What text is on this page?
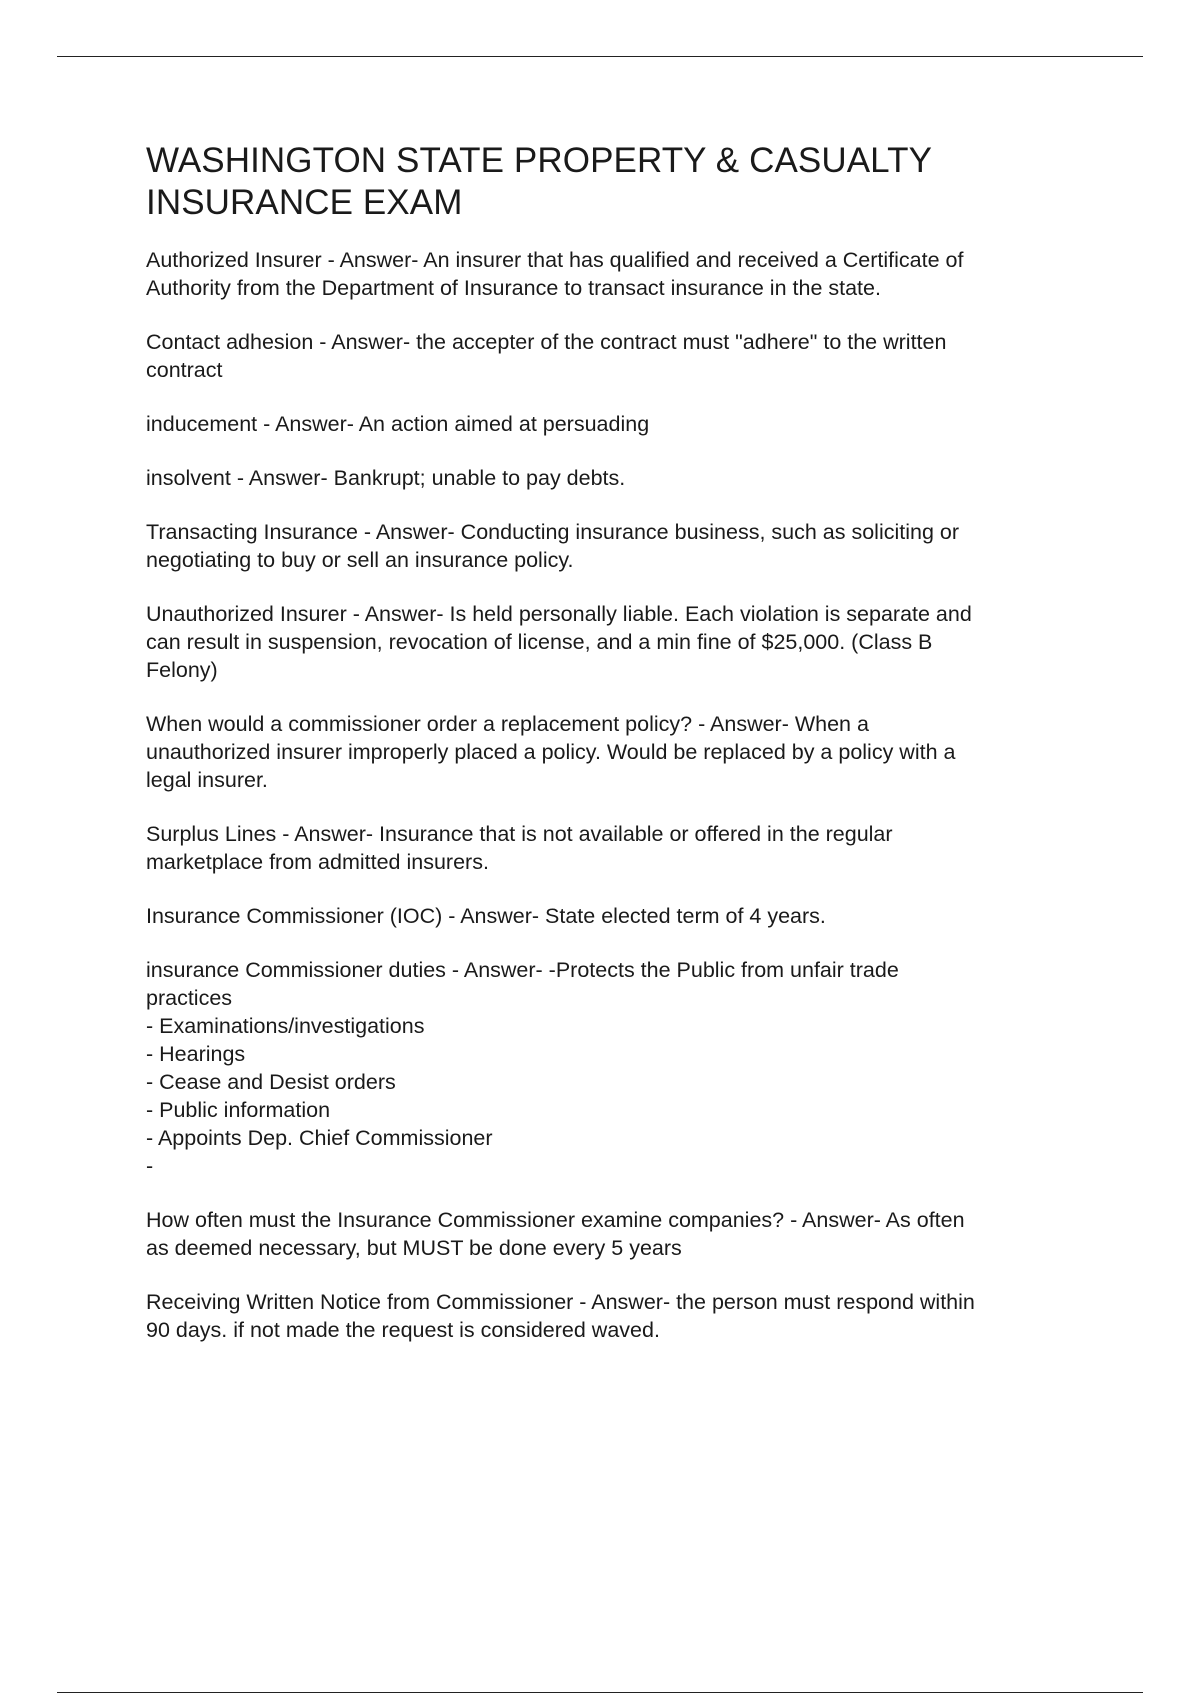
WASHINGTON STATE PROPERTY & CASUALTY
INSURANCE EXAM

Authorized Insurer - Answer- An insurer that has qualified and received a Certificate of
Authority from the Department of Insurance to transact insurance in the state.

Contact adhesion - Answer- the accepter of the contract must "adhere" to the written
contract

inducement - Answer- An action aimed at persuading

insolvent - Answer- Bankrupt; unable to pay debts.

Transacting Insurance - Answer- Conducting insurance business, such as soliciting or
negotiating to buy or sell an insurance policy.

Unauthorized Insurer - Answer- Is held personally liable. Each violation is separate and
can result in suspension, revocation of license, and a min fine of $25,000. (Class B
Felony)

When would a commissioner order a replacement policy? - Answer- When a
unauthorized insurer improperly placed a policy. Would be replaced by a policy with a
legal insurer.

Surplus Lines - Answer- Insurance that is not available or offered in the regular
marketplace from admitted insurers.

Insurance Commissioner (IOC) - Answer- State elected term of 4 years.

insurance Commissioner duties - Answer- -Protects the Public from unfair trade
practices
- Examinations/investigations
- Hearings
- Cease and Desist orders
- Public information
- Appoints Dep. Chief Commissioner
-

How often must the Insurance Commissioner examine companies? - Answer- As often
as deemed necessary, but MUST be done every 5 years

Receiving Written Notice from Commissioner - Answer- the person must respond within
90 days. if not made the request is considered waved.
